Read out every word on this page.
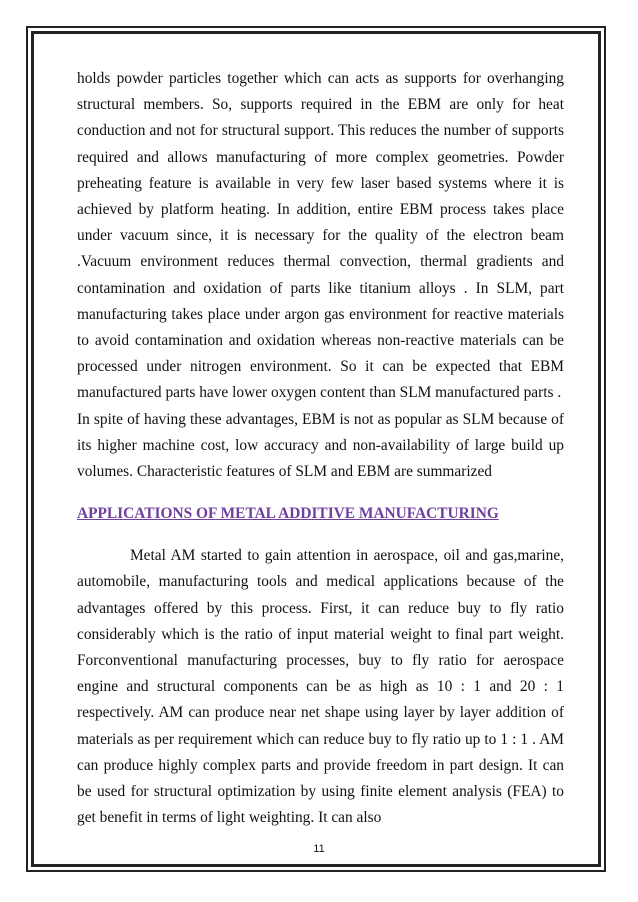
holds powder particles together which can acts as supports for overhanging structural members. So, supports required in the EBM are only for heat conduction and not for structural support. This reduces the number of supports required and allows manufacturing of more complex geometries. Powder preheating feature is available in very few laser based systems where it is achieved by platform heating. In addition, entire EBM process takes place under vacuum since, it is necessary for the quality of the electron beam .Vacuum environment reduces thermal convection, thermal gradients and contamination and oxidation of parts like titanium alloys . In SLM, part manufacturing takes place under argon gas environment for reactive materials to avoid contamination and oxidation whereas non-reactive materials can be processed under nitrogen environment. So it can be expected that EBM manufactured parts have lower oxygen content than SLM manufactured parts .

In spite of having these advantages, EBM is not as popular as SLM because of its higher machine cost, low accuracy and non-availability of large build up volumes. Characteristic features of SLM and EBM are summarized

APPLICATIONS OF METAL ADDITIVE MANUFACTURING

Metal AM started to gain attention in aerospace, oil and gas,marine, automobile, manufacturing tools and medical applications because of the advantages offered by this process. First, it can reduce buy to fly ratio considerably which is the ratio of input material weight to final part weight. Forconventional manufacturing processes, buy to fly ratio for aerospace engine and structural components can be as high as 10 : 1 and 20 : 1 respectively. AM can produce near net shape using layer by layer addition of materials as per requirement which can reduce buy to fly ratio up to 1 : 1 . AM can produce highly complex parts and provide freedom in part design. It can be used for structural optimization by using finite element analysis (FEA) to get benefit in terms of light weighting. It can also

11
